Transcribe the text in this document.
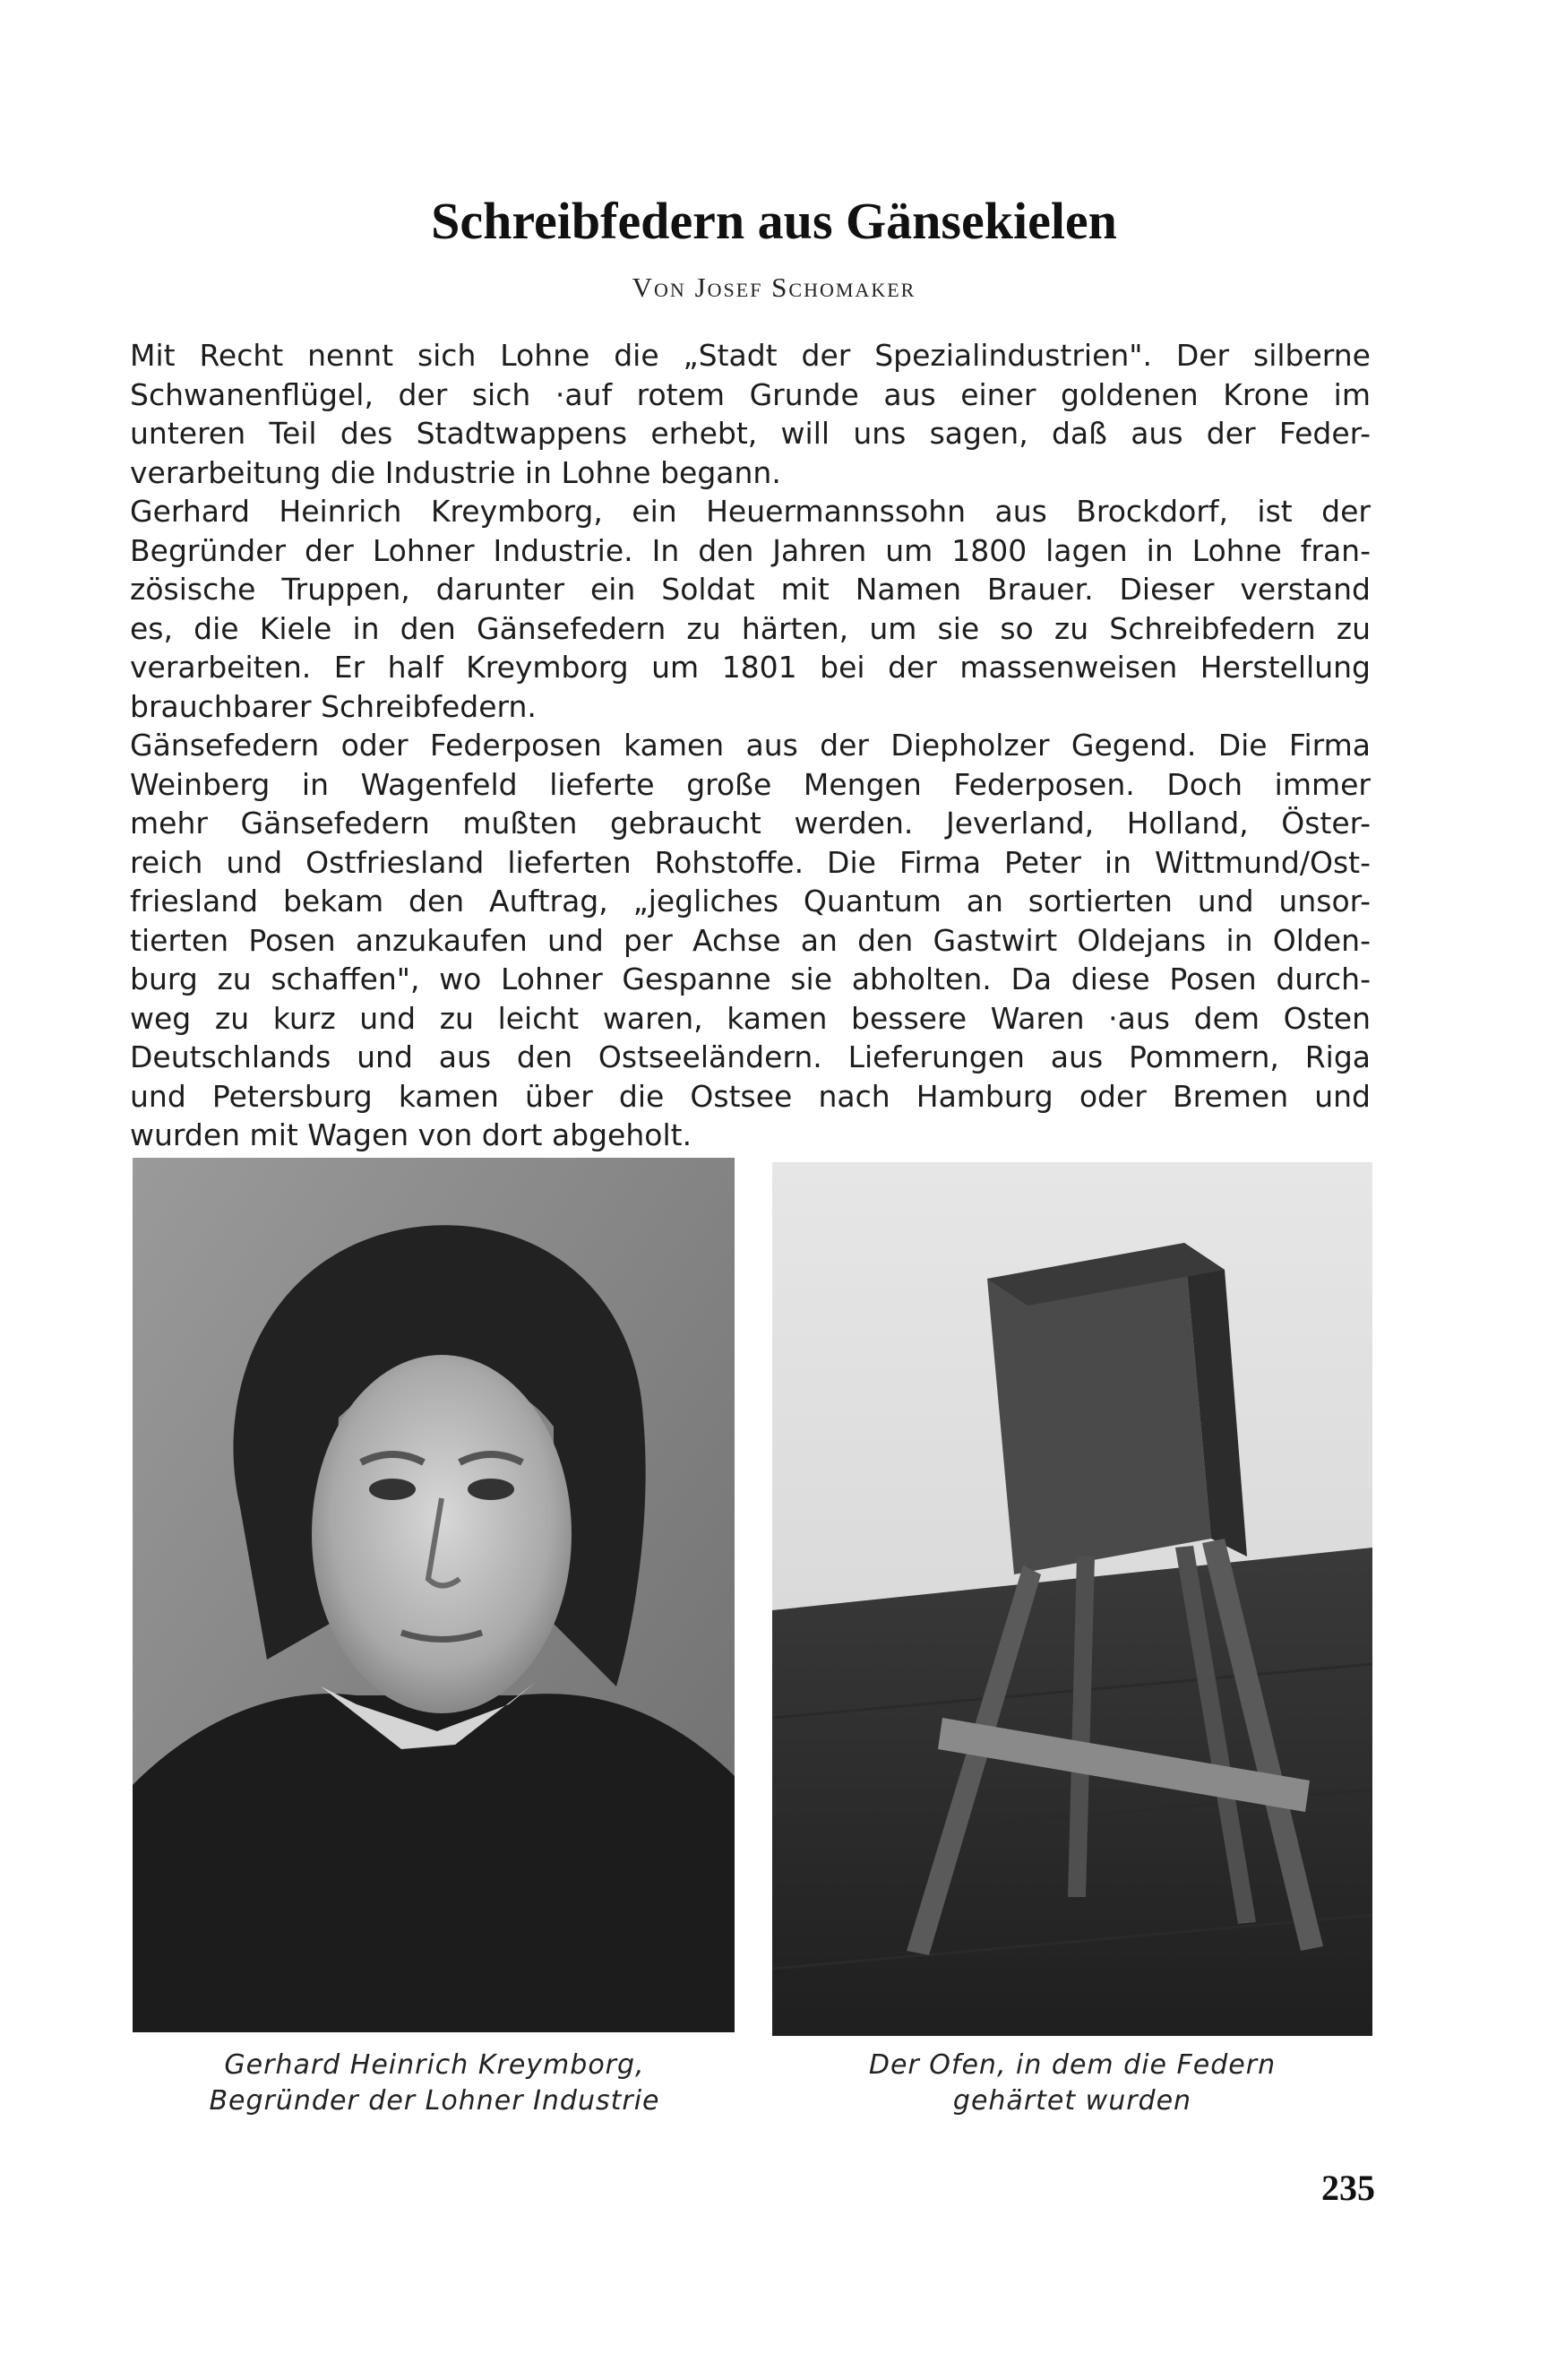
Schreibfedern aus Gänsekielen
Von Josef Schomaker
Mit Recht nennt sich Lohne die „Stadt der Spezialindustrien". Der silberne
Schwanenflügel, der sich ·auf rotem Grunde aus einer goldenen Krone im
unteren Teil des Stadtwappens erhebt, will uns sagen, daß aus der Feder-
verarbeitung die Industrie in Lohne begann.
Gerhard Heinrich Kreymborg, ein Heuermannssohn aus Brockdorf, ist der
Begründer der Lohner Industrie. In den Jahren um 1800 lagen in Lohne fran-
zösische Truppen, darunter ein Soldat mit Namen Brauer. Dieser verstand
es, die Kiele in den Gänsefedern zu härten, um sie so zu Schreibfedern zu
verarbeiten. Er half Kreymborg um 1801 bei der massenweisen Herstellung
brauchbarer Schreibfedern.
Gänsefedern oder Federposen kamen aus der Diepholzer Gegend. Die Firma
Weinberg in Wagenfeld lieferte große Mengen Federposen. Doch immer
mehr Gänsefedern mußten gebraucht werden. Jeverland, Holland, Öster-
reich und Ostfriesland lieferten Rohstoffe. Die Firma Peter in Wittmund/Ost-
friesland bekam den Auftrag, „jegliches Quantum an sortierten und unsor-
tierten Posen anzukaufen und per Achse an den Gastwirt Oldejans in Olden-
burg zu schaffen", wo Lohner Gespanne sie abholten. Da diese Posen durch-
weg zu kurz und zu leicht waren, kamen bessere Waren ·aus dem Osten
Deutschlands und aus den Ostseeländern. Lieferungen aus Pommern, Riga
und Petersburg kamen über die Ostsee nach Hamburg oder Bremen und
wurden mit Wagen von dort abgeholt.
Gerhard Heinrich Kreymborg,
Begründer der Lohner Industrie
Der Ofen, in dem die Federn
gehärtet wurden
235
